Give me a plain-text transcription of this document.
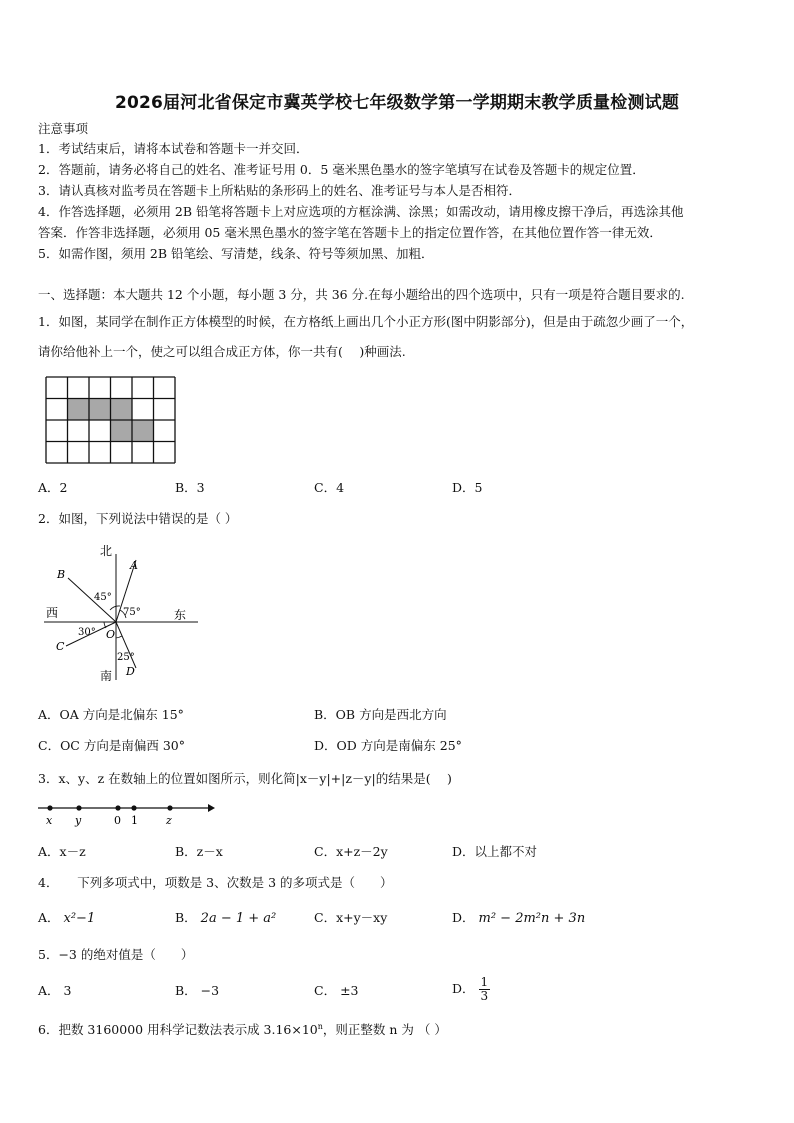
2026届河北省保定市冀英学校七年级数学第一学期期末教学质量检测试题
注意事项
1．考试结束后，请将本试卷和答题卡一并交回．
2．答题前，请务必将自己的姓名、准考证号用 0．5 毫米黑色墨水的签字笔填写在试卷及答题卡的规定位置．
3．请认真核对监考员在答题卡上所粘贴的条形码上的姓名、准考证号与本人是否相符．
4．作答选择题，必须用 2B 铅笔将答题卡上对应选项的方框涂满、涂黑；如需改动，请用橡皮擦干净后，再选涂其他
答案．作答非选择题，必须用 05 毫米黑色墨水的签字笔在答题卡上的指定位置作答，在其他位置作答一律无效．
5．如需作图，须用 2B 铅笔绘、写清楚，线条、符号等须加黑、加粗．
一、选择题：本大题共 12 个小题，每小题 3 分，共 36 分.在每小题给出的四个选项中，只有一项是符合题目要求的.
1．如图，某同学在制作正方体模型的时候，在方格纸上画出几个小正方形(图中阴影部分)，但是由于疏忽少画了一个，
请你给他补上一个，使之可以组合成正方体，你一共有(　 )种画法.
A．2	B．3	C．4	D．5
2．如图，下列说法中错误的是（ ）
北
南
西	东
A
B
C
D
O
45°
75°
30°
25°
A．OA 方向是北偏东 15°	B．OB 方向是西北方向
C．OC 方向是南偏西 30°	D．OD 方向是南偏东 25°
3．x、y、z 在数轴上的位置如图所示，则化简|x－y|+|z－y|的结果是(　 )
x y	0 1	z
A．x－z	B．z－x	C．x+z－2y	D．以上都不对
4．　　下列多项式中，项数是 3、次数是 3 的多项式是（　　）
A． x²−1	B． 2a − 1 + a²	C．x+y－xy	D． m² − 2m²n + 3n
5．−3 的绝对值是（　　）
A． 3	B． −3	C． ±3	D． $\frac{1}{3}$
6．把数 3160000 用科学记数法表示成 $3.16\times 10^n$，则正整数 n 为 （ ）
